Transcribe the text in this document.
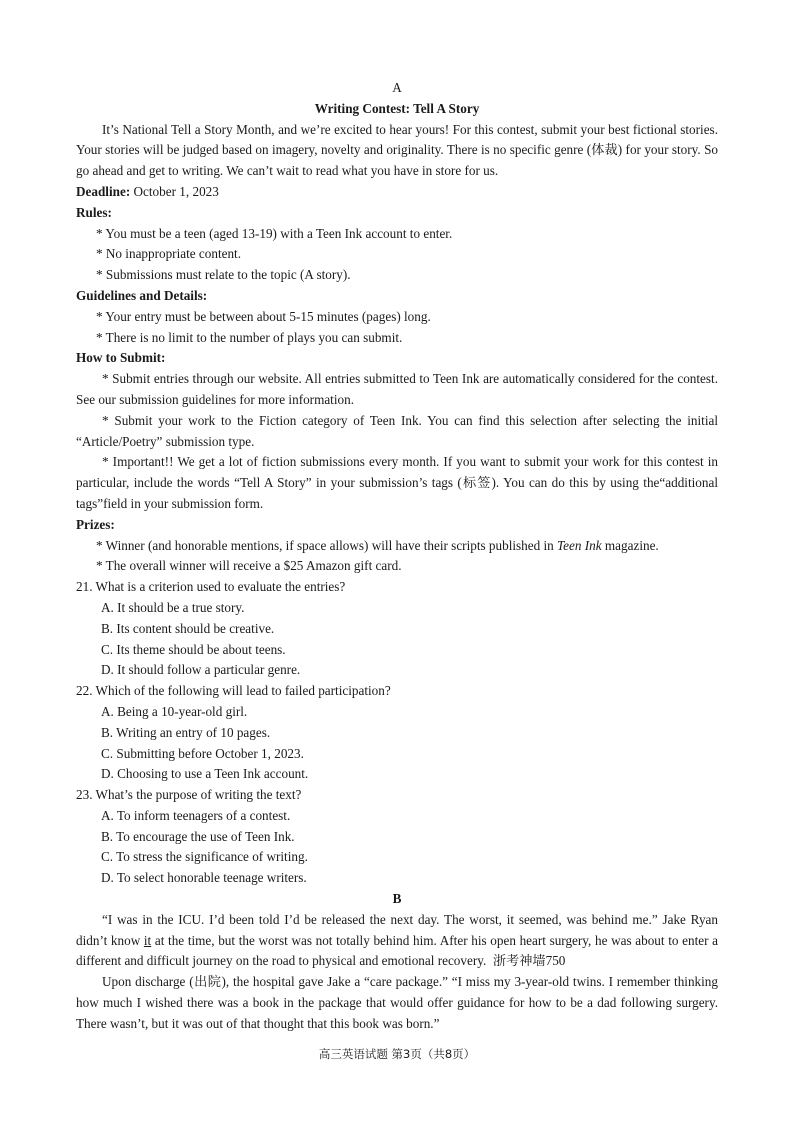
A
Writing Contest: Tell A Story
It’s National Tell a Story Month, and we’re excited to hear yours! For this contest, submit your best fictional stories. Your stories will be judged based on imagery, novelty and originality. There is no specific genre (体裁) for your story. So go ahead and get to writing. We can’t wait to read what you have in store for us.
Deadline: October 1, 2023
Rules:
* You must be a teen (aged 13-19) with a Teen Ink account to enter.
* No inappropriate content.
* Submissions must relate to the topic (A story).
Guidelines and Details:
* Your entry must be between about 5-15 minutes (pages) long.
* There is no limit to the number of plays you can submit.
How to Submit:
* Submit entries through our website. All entries submitted to Teen Ink are automatically considered for the contest. See our submission guidelines for more information.
* Submit your work to the Fiction category of Teen Ink. You can find this selection after selecting the initial “Article/Poetry” submission type.
* Important!! We get a lot of fiction submissions every month. If you want to submit your work for this contest in particular, include the words “Tell A Story” in your submission’s tags (标签). You can do this by using the“additional tags”field in your submission form.
Prizes:
* Winner (and honorable mentions, if space allows) will have their scripts published in Teen Ink magazine.
* The overall winner will receive a $25 Amazon gift card.
21. What is a criterion used to evaluate the entries?
A. It should be a true story.
B. Its content should be creative.
C. Its theme should be about teens.
D. It should follow a particular genre.
22. Which of the following will lead to failed participation?
A. Being a 10-year-old girl.
B. Writing an entry of 10 pages.
C. Submitting before October 1, 2023.
D. Choosing to use a Teen Ink account.
23. What’s the purpose of writing the text?
A. To inform teenagers of a contest.
B. To encourage the use of Teen Ink.
C. To stress the significance of writing.
D. To select honorable teenage writers.
B
“I was in the ICU. I’d been told I’d be released the next day. The worst, it seemed, was behind me.” Jake Ryan didn’t know it at the time, but the worst was not totally behind him. After his open heart surgery, he was about to enter a different and difficult journey on the road to physical and emotional recovery. 浙考神墙750
Upon discharge (出院), the hospital gave Jake a “care package.” “I miss my 3-year-old twins. I remember thinking how much I wished there was a book in the package that would offer guidance for how to be a dad following surgery. There wasn’t, but it was out of that thought that this book was born.”
高三英语试题 第3页（共8页）
